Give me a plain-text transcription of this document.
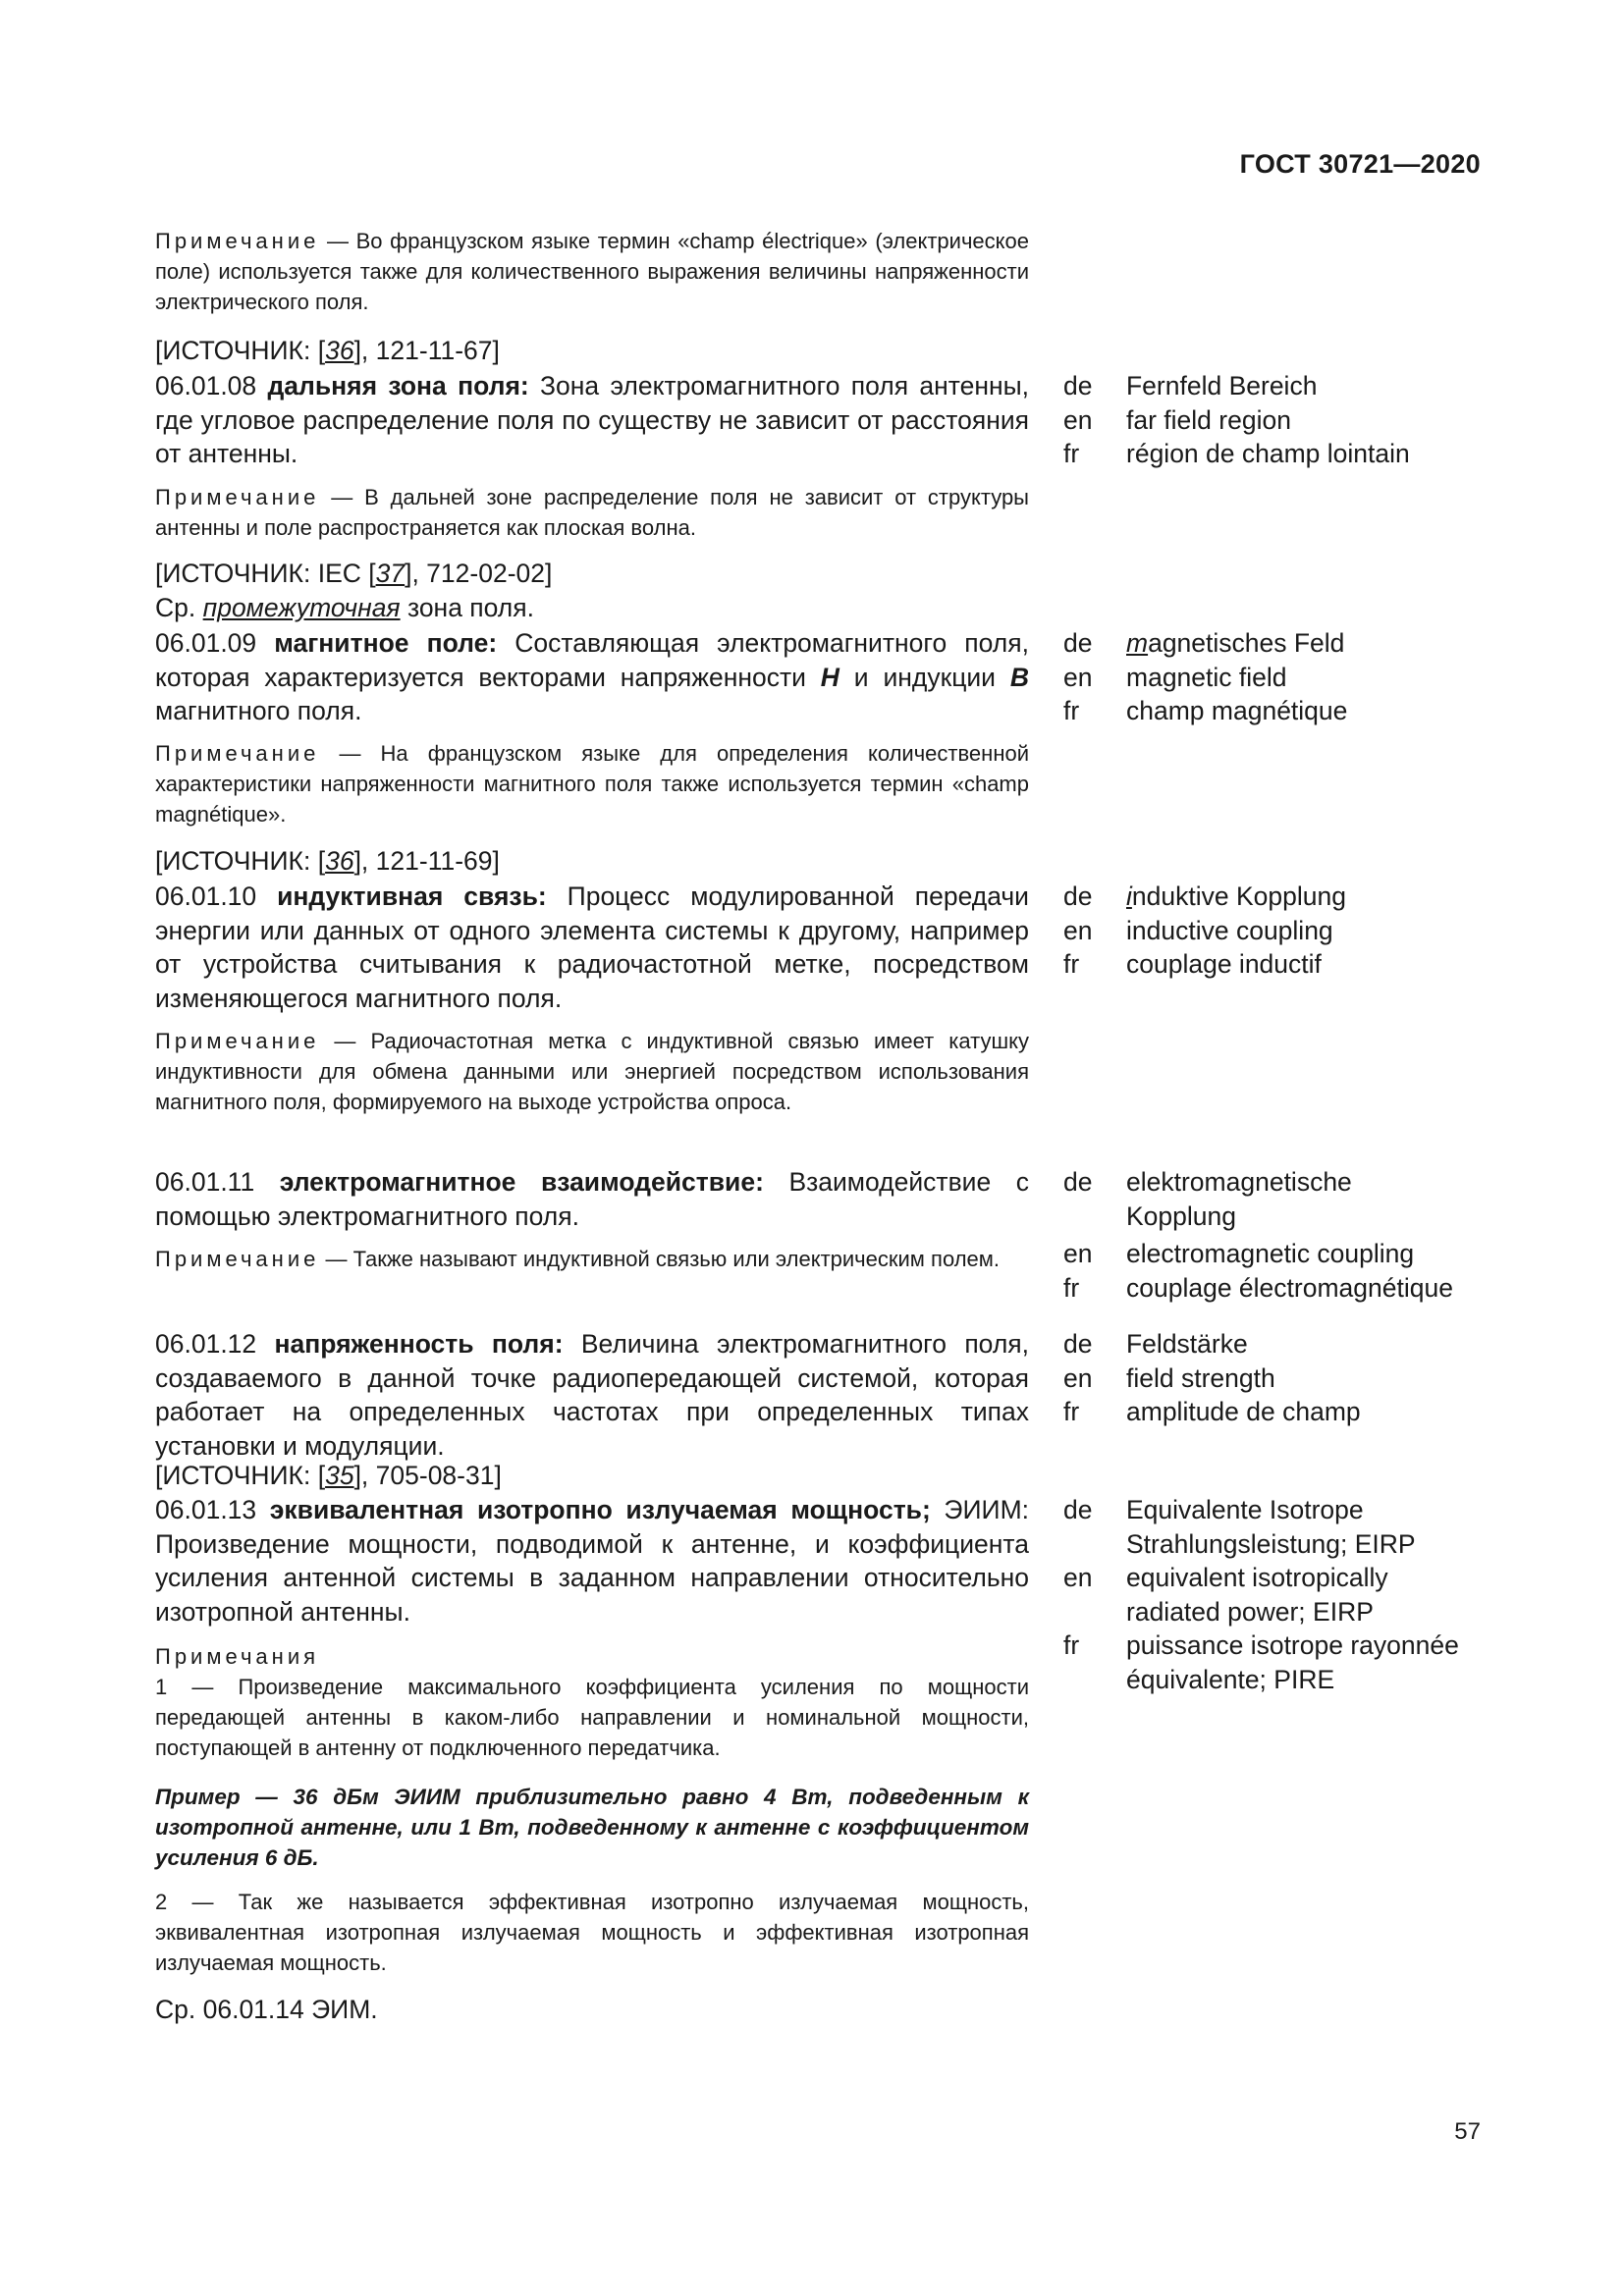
ГОСТ 30721—2020
Примечание — Во французском языке термин «champ électrique» (электрическое поле) используется также для количественного выражения величины напряженности электрического поля.
[ИСТОЧНИК: [36], 121-11-67]
06.01.08 дальняя зона поля: Зона электромагнитного поля антенны, где угловое распределение поля по существу не зависит от расстояния от антенны.
Примечание — В дальней зоне распределение поля не зависит от структуры антенны и поле распространяется как плоская волна.
[ИСТОЧНИК: IEC [37], 712-02-02]
Ср. промежуточная зона поля.
06.01.09 магнитное поле: Составляющая электромагнитного поля, которая характеризуется векторами напряженности H и индукции B магнитного поля.
Примечание — На французском языке для определения количественной характеристики напряженности магнитного поля также используется термин «champ magnétique».
[ИСТОЧНИК: [36], 121-11-69]
06.01.10 индуктивная связь: Процесс модулированной передачи энергии или данных от одного элемента системы к другому, например от устройства считывания к радиочастотной метке, посредством изменяющегося магнитного поля.
Примечание — Радиочастотная метка с индуктивной связью имеет катушку индуктивности для обмена данными или энергией посредством использования магнитного поля, формируемого на выходе устройства опроса.
06.01.11 электромагнитное взаимодействие: Взаимодействие с помощью электромагнитного поля.
Примечание — Также называют индуктивной связью или электрическим полем.
06.01.12 напряженность поля: Величина электромагнитного поля, создаваемого в данной точке радиопередающей системой, которая работает на определенных частотах при определенных типах установки и модуляции.
[ИСТОЧНИК: [35], 705-08-31]
06.01.13 эквивалентная изотропно излучаемая мощность; ЭИИМ: Произведение мощности, подводимой к антенне, и коэффициента усиления антенной системы в заданном направлении относительно изотропной антенны.
Примечания
1 — Произведение максимального коэффициента усиления по мощности передающей антенны в каком-либо направлении и номинальной мощности, поступающей в антенну от подключенного передатчика.
Пример — 36 дБм ЭИИМ приблизительно равно 4 Вт, подведенным к изотропной антенне, или 1 Вт, подведенному к антенне с коэффициентом усиления 6 дБ.
2 — Так же называется эффективная изотропно излучаемая мощность, эквивалентная изотропная излучаемая мощность и эффективная изотропная излучаемая мощность.
Ср. 06.01.14 ЭИМ.
de	Fernfeld Bereich
en	far field region
fr	région de champ lointain
de	magnetisches Feld
en	magnetic field
fr	champ magnétique
de	induktive Kopplung
en	inductive coupling
fr	couplage inductif
de	elektromagnetische Kopplung
en	electromagnetic coupling
fr	couplage électromagnétique
de	Feldstärke
en	field strength
fr	amplitude de champ
de	Equivalente Isotrope Strahlungsleistung; EIRP
en	equivalent isotropically radiated power; EIRP
fr	puissance isotrope rayonnée équivalente; PIRE
57
